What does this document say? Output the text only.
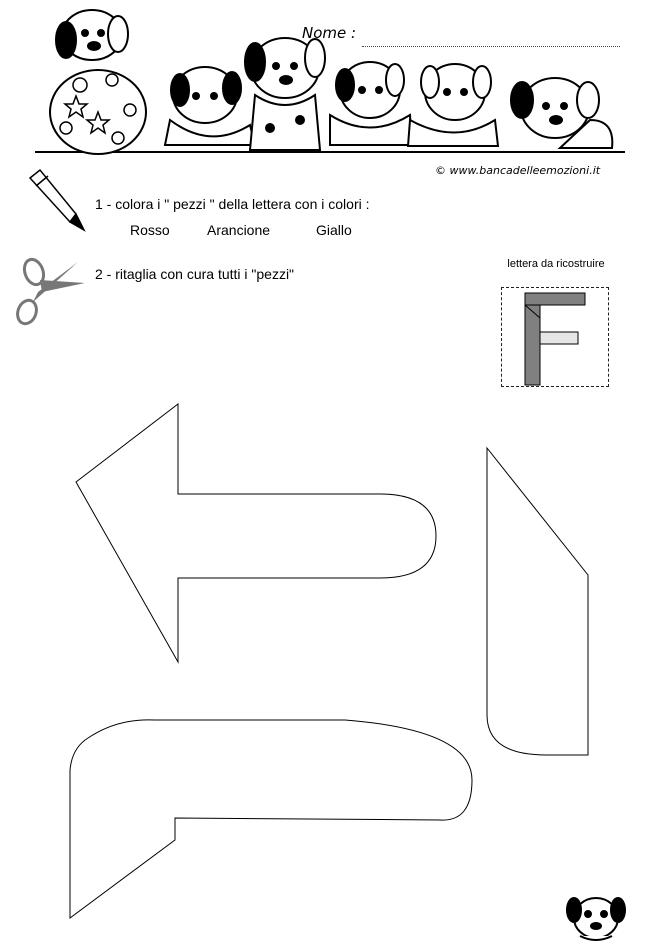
Nome :
© www.bancadelleemozioni.it
1 - colora i " pezzi " della lettera con i colori :
Rosso	Arancione	Giallo
2 - ritaglia con cura tutti i "pezzi"
lettera da ricostruire
